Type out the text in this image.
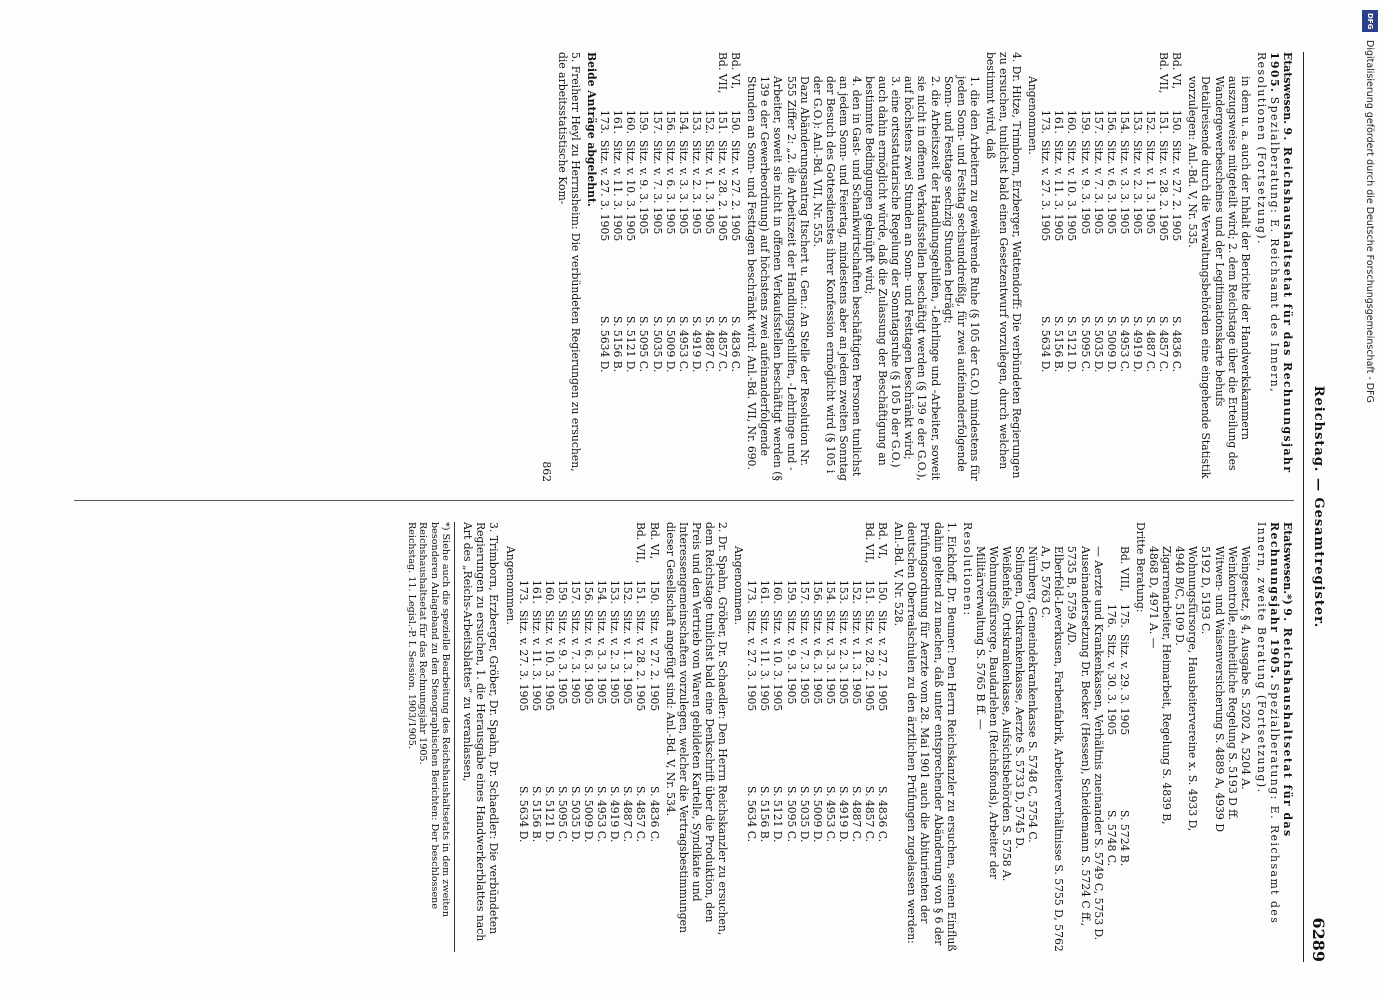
Reichstag. — Gesamtregister.
6289
Etatswesen.*) 9. Reichshaushaltsetat für das Rechnungsjahr 1905. Spezialberatung: E. Reichsamt des Innern, zweite Beratung (Fortsetzung).
Weingesetz, § 4, Ausgabe S. 5202 A, 5204 A.
Weinkontrolle, einheitliche Regelung S. 5193 D ff.
Witwen- und Waisenversicherung S. 4889 A, 4939 D
5192 D, 5193 C.
Wohnungsfürsorge, Hausbeitervereine x. S. 4933 D,
4940 B/C, 5109 D.
Zigarrenarbeiter, Heimarbeit, Regelung S. 4839 B,
4868 D, 4971 A. —
Dritte Beratung:
Bd. VIII,
175.
Sitz. v. 29. 3. 1905
S. 5724 B.
176.
Sitz. v. 30. 3. 1905
S. 5748 C.
— Aerzte und Krankenkassen, Verhältnis zueinander S. 5749 C, 5753 D.
Auseinandersetzung Dr. Becker (Hessen), Scheidemann S. 5724 C ff., 5735 B, 5759 A/D.
Elberfeld-Leverkusen, Farbenfabrik, Arbeiterverhältnisse S. 5755 D, 5762 A, D, 5763 C.
Nürnberg, Gemeindekrankenkasse S. 5748 C, 5754 C.
Solingen, Ortskrankenkasse, Aerzte S. 5733 D, 5745 D.
Weißenfels, Ortskrankenkasse, Aufsichtsbehörden S. 5758 A.
Wohnungsfürsorge, Baudarlehen (Reichsfonds), Arbeiter der Militärverwaltung S. 5765 B ff. —
Resolutionen:
1. Eickhoff, Dr. Beumer: Den Herrn Reichskanzler zu ersuchen, seinen Einfluß dahin geltend zu machen, daß unter entsprechender Abänderung von § 6 der Prüfungsordnung für Aerzte vom 28. Mai 1901 auch die Abiturienten der deutschen Oberrealschulen zu den ärztlichen Prüfungen zugelassen werden: Anl.-Bd. V, Nr. 528.
Bd. VI,
150.
Sitz. v. 27. 2. 1905
S. 4836 C.
Bd. VII,
151.
Sitz. v. 28. 2. 1905
S. 4857 C.
152.
Sitz. v. 1. 3. 1905
S. 4887 C.
153.
Sitz. v. 2. 3. 1905
S. 4919 D.
154.
Sitz. v. 3. 3. 1905
S. 4953 C.
156.
Sitz. v. 6. 3. 1905
S. 5009 D.
157.
Sitz. v. 7. 3. 1905
S. 5035 D.
159.
Sitz. v. 9. 3. 1905
S. 5095 C.
160.
Sitz. v. 10. 3. 1905
S. 5121 D.
161.
Sitz. v. 11. 3. 1905
S. 5156 B.
173.
Sitz. v. 27. 3. 1905
S. 5634 C.
Angenommen.
2. Dr. Spahn, Gröber, Dr. Schaedler: Den Herrn Reichskanzler zu ersuchen, dem Reichstage tunlichst bald eine Denkschrift über die Produktion, den Preis und den Vertrieb von Waren gebildeten Kartelle, Syndikate und Interessengemeinschaften vorzulegen, welcher die Vertragsbestimmungen dieser Gesellschaft angefügt sind: Anl.-Bd. V, Nr. 534.
Bd. VI,
150.
Sitz. v. 27. 2. 1905
S. 4836 C.
Bd. VII,
151.
Sitz. v. 28. 2. 1905
S. 4857 C.
152.
Sitz. v. 1. 3. 1905
S. 4887 C.
153.
Sitz. v. 2. 3. 1905
S. 4919 D.
154.
Sitz. v. 3. 3. 1905
S. 4953 C.
156.
Sitz. v. 6. 3. 1905
S. 5009 D.
157.
Sitz. v. 7. 3. 1905
S. 5035 D.
159.
Sitz. v. 9. 3. 1905
S. 5095 C.
160.
Sitz. v. 10. 3. 1905
S. 5121 D.
161.
Sitz. v. 11. 3. 1905
S. 5156 B.
173.
Sitz. v. 27. 3. 1905
S. 5634 D.
Angenommen.
3. Trimborn, Erzberger, Gröber, Dr. Spahn, Dr. Schaedler: Die verbündeten Regierungen zu ersuchen, 1. die Herausgabe eines Handwerkerblattes nach Art des „Reichs-Arbeitsblattes“ zu veranlassen,
*) Siehe auch die spezielle Bearbeitung des Reichshaushaltsetats in dem zweiten besonderen Anlageband zu den Stenographischen Berichten: Der beschlossene Reichshaushaltsetat für das Rechnungsjahr 1905.
Reichstag. 11. Legisl.-P. I. Session. 1903/1905.
Etatswesen. 9. Reichshaushaltsetat für das Rechnungsjahr 1905. Spezialberatung: E. Reichsamt des Innern, Resolutionen (Fortsetzung).
in dem u. a. auch der Inhalt der Berichte der Handwerkskammern auszugsweise mitgeteilt wird; 2. dem Reichstage über die Erteilung des Wandergewerbescheines und der Legitimationskarte behufs Detailreisende durch die Verwaltungsbehörden eine eingehende Statistik vorzulegen: Anl.-Bd. V, Nr. 535.
Bd. VI,
150.
Sitz. v. 27. 2. 1905
S. 4836 C.
Bd. VII,
151.
Sitz. v. 28. 2. 1905
S. 4857 C.
152.
Sitz. v. 1. 3. 1905
S. 4887 C.
153.
Sitz. v. 2. 3. 1905
S. 4919 D.
154.
Sitz. v. 3. 3. 1905
S. 4953 C.
156.
Sitz. v. 6. 3. 1905
S. 5009 D.
157.
Sitz. v. 7. 3. 1905
S. 5035 D.
159.
Sitz. v. 9. 3. 1905
S. 5095 C.
160.
Sitz. v. 10. 3. 1905
S. 5121 D.
161.
Sitz. v. 11. 3. 1905
S. 5156 B.
173.
Sitz. v. 27. 3. 1905
S. 5634 D.
Angenommen.
4. Dr. Hitze, Trimborn, Erzberger, Wattendorff: Die verbündeten Regierungen zu ersuchen, tunlichst bald einen Gesetzentwurf vorzulegen, durch welchen bestimmt wird, daß
1. die den Arbeitern zu gewährende Ruhe (§ 105 der G.O.) mindestens für jeden Sonn- und Festtag sechsunddreißig, für zwei aufeinanderfolgende Sonn- und Festtage sechzig Stunden beträgt;
2. die Arbeitszeit der Handlungsgehilfen, -Lehrlinge und -Arbeiter, soweit sie nicht in offenen Verkaufsstellen beschäftigt werden (§ 139 e der G.O.), auf höchstens zwei Stunden an Sonn- und Festtagen beschränkt wird;
3. eine ortsstatutarische Regelung der Sonntagsruhe (§ 105 b der G.O.) auch dahin ermöglicht würde, daß die Zulassung der Beschäftigung an bestimmte Bedingungen geknüpft wird;
4. den in Gast- und Schankwirtschaften beschäftigten Personen tunlichst an jedem Sonn- und Feiertag, mindestens aber an jedem zweiten Sonntag der Besuch des Gottesdienstes ihrer Konfession ermöglicht wird (§ 105 i der G.O.): Anl.-Bd. VII, Nr. 555.
Dazu Abänderungsantrag Itschert u. Gen.: An Stelle der Resolution Nr. 555 Ziffer 2: „2. die Arbeitszeit der Handlungsgehilfen, -Lehrlinge und -Arbeiter, soweit sie nicht in offenen Verkaufsstellen beschäftigt werden (§ 139 e der Gewerbeordnung) auf höchstens zwei aufeinanderfolgende Stunden an Sonn- und Festtagen beschränkt wird: Anl.-Bd. VII, Nr. 690.
Bd. VI,
150.
Sitz. v. 27. 2. 1905
S. 4836 C.
Bd. VII,
151.
Sitz. v. 28. 2. 1905
S. 4857 C.
152.
Sitz. v. 1. 3. 1905
S. 4887 C.
153.
Sitz. v. 2. 3. 1905
S. 4919 D.
154.
Sitz. v. 3. 3. 1905
S. 4953 C.
156.
Sitz. v. 6. 3. 1905
S. 5009 D.
157.
Sitz. v. 7. 3. 1905
S. 5035 D.
159.
Sitz. v. 9. 3. 1905
S. 5095 C.
160.
Sitz. v. 10. 3. 1905
S. 5121 D.
161.
Sitz. v. 11. 3. 1905
S. 5156 B.
173.
Sitz. v. 27. 3. 1905
S. 5634 D.
Beide Anträge abgelehnt.
5. Freiherr Heyl zu Herrnsheim: Die verbündeten Regierungen zu ersuchen, die arbeitsstatistische Kom-
862
DFG
Digitalisierung gefördert durch die Deutsche Forschungsgemeinschaft - DFG
